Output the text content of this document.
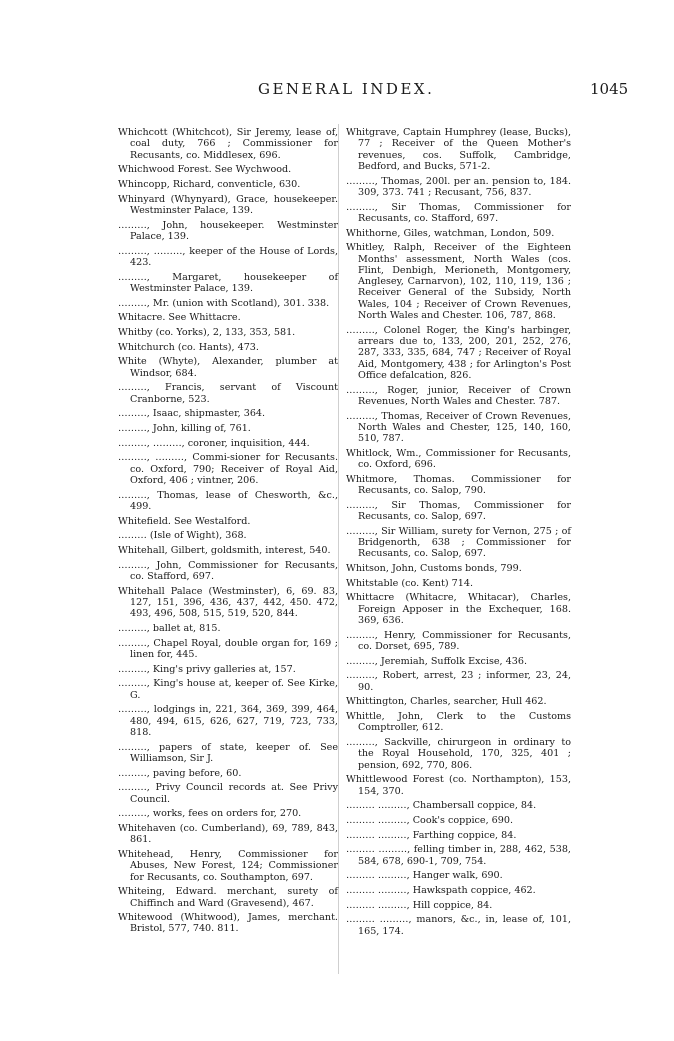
GENERAL INDEX.	1045

Whichcott (Whitchcot), Sir Jeremy, lease of, coal duty, 766 ; Commissioner for Recusants, co. Middlesex, 696.

Whichwood Forest. See Wychwood.

Whincopp, Richard, conventicle, 630.

Whinyard (Whynyard), Grace, housekeeper. Westminster Palace, 139.

………, John, housekeeper. Westminster Palace, 139.

………, ………, keeper of the House of Lords, 423.

………, Margaret, housekeeper of Westminster Palace, 139.

………, Mr. (union with Scotland), 301. 338.

Whitacre. See Whittacre.

Whitby (co. Yorks), 2, 133, 353, 581.

Whitchurch (co. Hants), 473.

White (Whyte), Alexander, plumber at Windsor, 684.

………, Francis, servant of Viscount Cranborne, 523.

………, Isaac, shipmaster, 364.

………, John, killing of, 761.

………, ………, coroner, inquisition, 444.

………, ………, Commi-sioner for Recusants. co. Oxford, 790; Receiver of Royal Aid, Oxford, 406 ; vintner, 206.

………, Thomas, lease of Chesworth, &c., 499.

Whitefield. See Westalford.

……… (Isle of Wight), 368.

Whitehall, Gilbert, goldsmith, interest, 540.

………, John, Commissioner for Recusants, co. Stafford, 697.

Whitehall Palace (Westminster), 6, 69. 83, 127, 151, 396, 436, 437, 442, 450. 472, 493, 496, 508, 515, 519, 520, 844.

………, ballet at, 815.

………, Chapel Royal, double organ for, 169 ; linen for, 445.

………, King's privy galleries at, 157.

………, King's house at, keeper of. See Kirke, G.

………, lodgings in, 221, 364, 369, 399, 464, 480, 494, 615, 626, 627, 719, 723, 733, 818.

………, papers of state, keeper of. See Williamson, Sir J.

………, paving before, 60.

………, Privy Council records at. See Privy Council.

………, works, fees on orders for, 270.

Whitehaven (co. Cumberland), 69, 789, 843, 861.

Whitehead, Henry, Commissioner for Abuses, New Forest, 124; Commissioner for Recusants, co. Southampton, 697.

Whiteing, Edward. merchant, surety of Chiffinch and Ward (Gravesend), 467.

Whitewood (Whitwood), James, merchant. Bristol, 577, 740. 811.

Whitgrave, Captain Humphrey (lease, Bucks), 77 ; Receiver of the Queen Mother's revenues, cos. Suffolk, Cambridge, Bedford, and Bucks, 571-2.

………, Thomas, 200l. per an. pension to, 184. 309, 373. 741 ; Recusant, 756, 837.

………, Sir Thomas, Commissioner for Recusants, co. Stafford, 697.

Whithorne, Giles, watchman, London, 509.

Whitley, Ralph, Receiver of the Eighteen Months' assessment, North Wales (cos. Flint, Denbigh, Merioneth, Montgomery, Anglesey, Carnarvon), 102, 110, 119, 136 ; Receiver General of the Subsidy, North Wales, 104 ; Receiver of Crown Revenues, North Wales and Chester. 106, 787, 868.

………, Colonel Roger, the King's harbinger, arrears due to, 133, 200, 201, 252, 276, 287, 333, 335, 684, 747 ; Receiver of Royal Aid, Montgomery, 438 ; for Arlington's Post Office defalcation, 826.

………, Roger, junior, Receiver of Crown Revenues, North Wales and Chester. 787.

………, Thomas, Receiver of Crown Revenues, North Wales and Chester, 125, 140, 160, 510, 787.

Whitlock, Wm., Commissioner for Recusants, co. Oxford, 696.

Whitmore, Thomas. Commissioner for Recusants, co. Salop, 790.

………, Sir Thomas, Commissioner for Recusants, co. Salop, 697.

………, Sir William, surety for Vernon, 275 ; of Bridgenorth, 638 ; Commissioner for Recusants, co. Salop, 697.

Whitson, John, Customs bonds, 799.

Whitstable (co. Kent) 714.

Whittacre (Whitacre, Whitacar), Charles, Foreign Apposer in the Exchequer, 168. 369, 636.

………, Henry, Commissioner for Recusants, co. Dorset, 695, 789.

………, Jeremiah, Suffolk Excise, 436.

………, Robert, arrest, 23 ; informer, 23, 24, 90.

Whittington, Charles, searcher, Hull 462.

Whittle, John, Clerk to the Customs Comptroller, 612.

………, Sackville, chirurgeon in ordinary to the Royal Household, 170, 325, 401 ; pension, 692, 770, 806.

Whittlewood Forest (co. Northampton), 153, 154, 370.

……… ………, Chambersall coppice, 84.

……… ………, Cook's coppice, 690.

……… ………, Farthing coppice, 84.

……… ………, felling timber in, 288, 462, 538, 584, 678, 690-1, 709, 754.

……… ………, Hanger walk, 690.

……… ………, Hawkspath coppice, 462.

……… ………, Hill coppice, 84.

……… ………, manors, &c., in, lease of, 101, 165, 174.
